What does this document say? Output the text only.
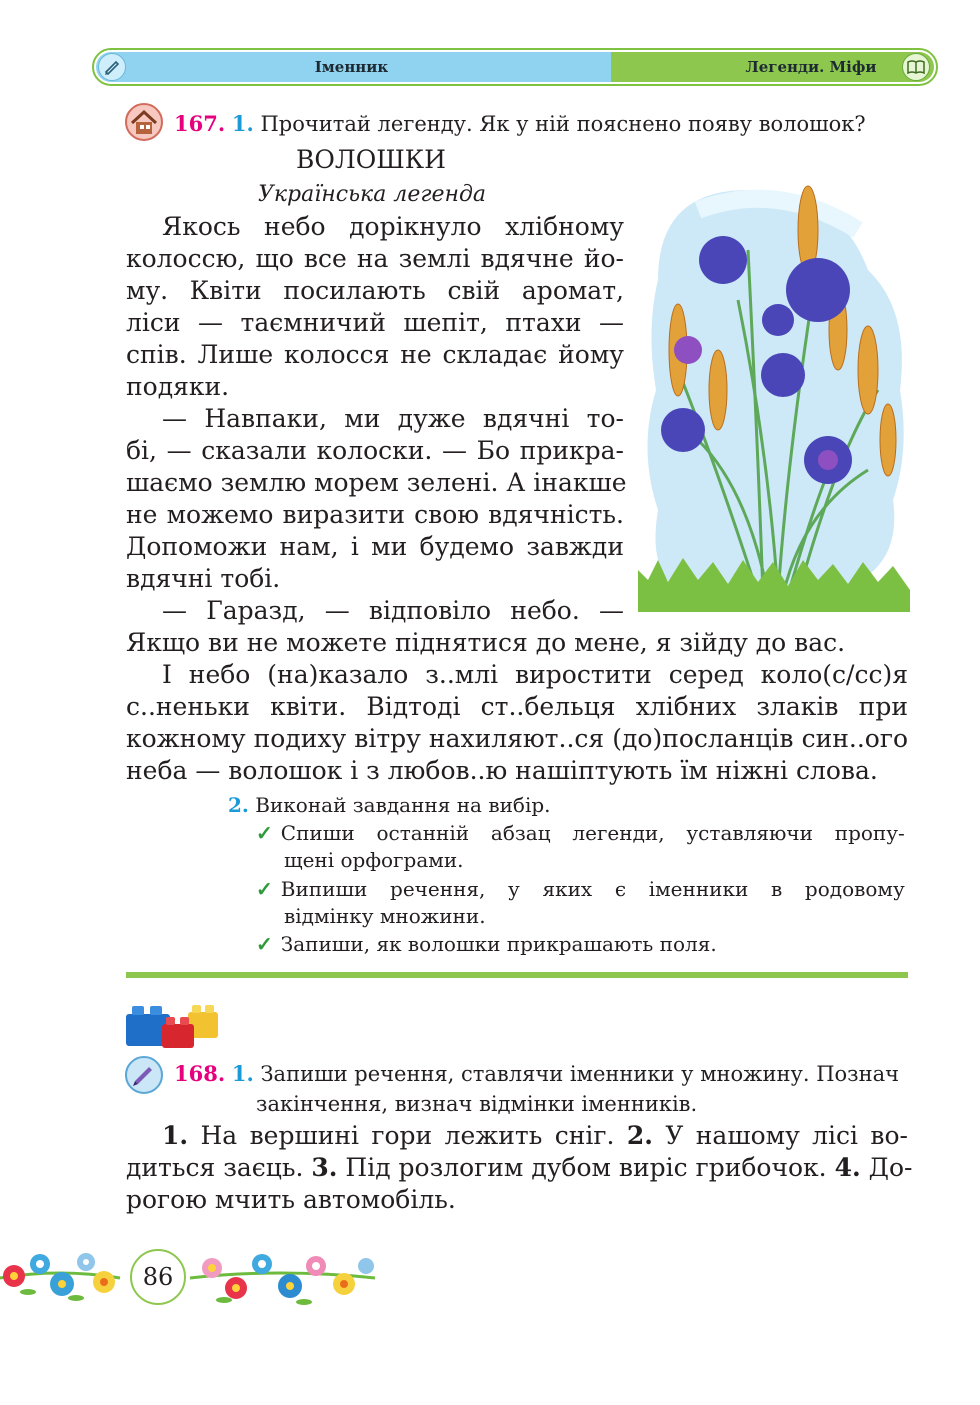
Іменник	Легенди. Міфи
167. 1. Прочитай легенду. Як у ній пояснено появу волошок?
ВОЛОШКИ
Українська легенда
Якось небо дорікнуло хлібному
колоссю, що все на землі вдячне йо-
му. Квіти посилають свій аромат,
ліси — таємничий шепіт, птахи —
спів. Лише колосся не складає йому
подяки.
— Навпаки, ми дуже вдячні то-
бі, — сказали колоски. — Бо прикра-
шаємо землю морем зелені. А інакше
не можемо виразити свою вдячність.
Допоможи нам, і ми будемо завжди
вдячні тобі.
— Гаразд, — відповіло небо. —
Якщо ви не можете піднятися до мене, я зійду до вас.
І небо (на)казало з..млі виростити серед коло(с/сс)я
с..неньки квіти. Відтоді ст..бельця хлібних злаків при
кожному подиху вітру нахиляют..ся (до)посланців син..ого
неба — волошок і з любов..ю нашіптують їм ніжні слова.
2. Виконай завдання на вибір.
✓ Спиши останній абзац легенди, уставляючи пропу-
щені орфограми.
✓ Випиши речення, у яких є іменники в родовому
відмінку множини.
✓ Запиши, як волошки прикрашають поля.
168. 1. Запиши речення, ставлячи іменники у множину. Познач
закінчення, визнач відмінки іменників.
1. На вершині гори лежить сніг. 2. У нашому лісі во-
диться заєць. 3. Під розлогим дубом виріс грибочок. 4. До-
рогою мчить автомобіль.
86
